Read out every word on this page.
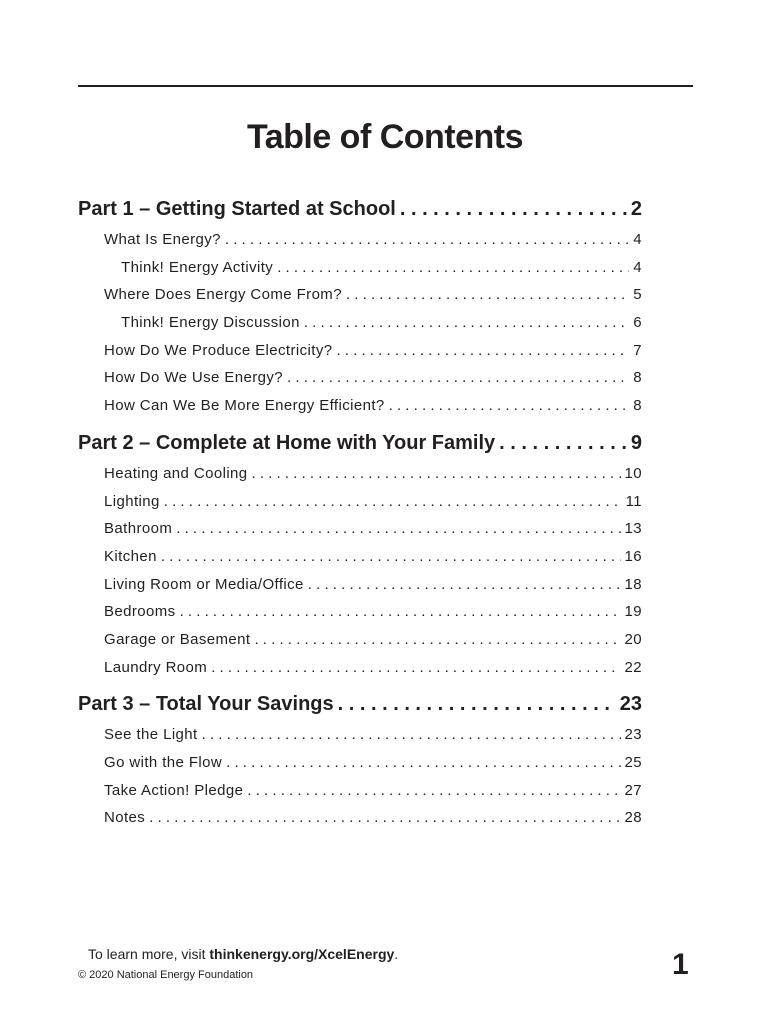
Table of Contents
Part 1 – Getting Started at School . . .	2
What Is Energy? . . .	4
Think! Energy Activity . . .	4
Where Does Energy Come From? . . .	5
Think! Energy Discussion . . .	6
How Do We Produce Electricity? . . .	7
How Do We Use Energy? . . .	8
How Can We Be More Energy Efficient? . . .	8
Part 2 – Complete at Home with Your Family . . .	9
Heating and Cooling . . .	10
Lighting . . .	11
Bathroom . . .	13
Kitchen . . .	16
Living Room or Media/Office . . .	18
Bedrooms . . .	19
Garage or Basement . . .	20
Laundry Room . . .	22
Part 3 – Total Your Savings . . .	23
See the Light . . .	23
Go with the Flow . . .	25
Take Action! Pledge . . .	27
Notes . . .	28
To learn more, visit thinkenergy.org/XcelEnergy.
© 2020 National Energy Foundation	1
